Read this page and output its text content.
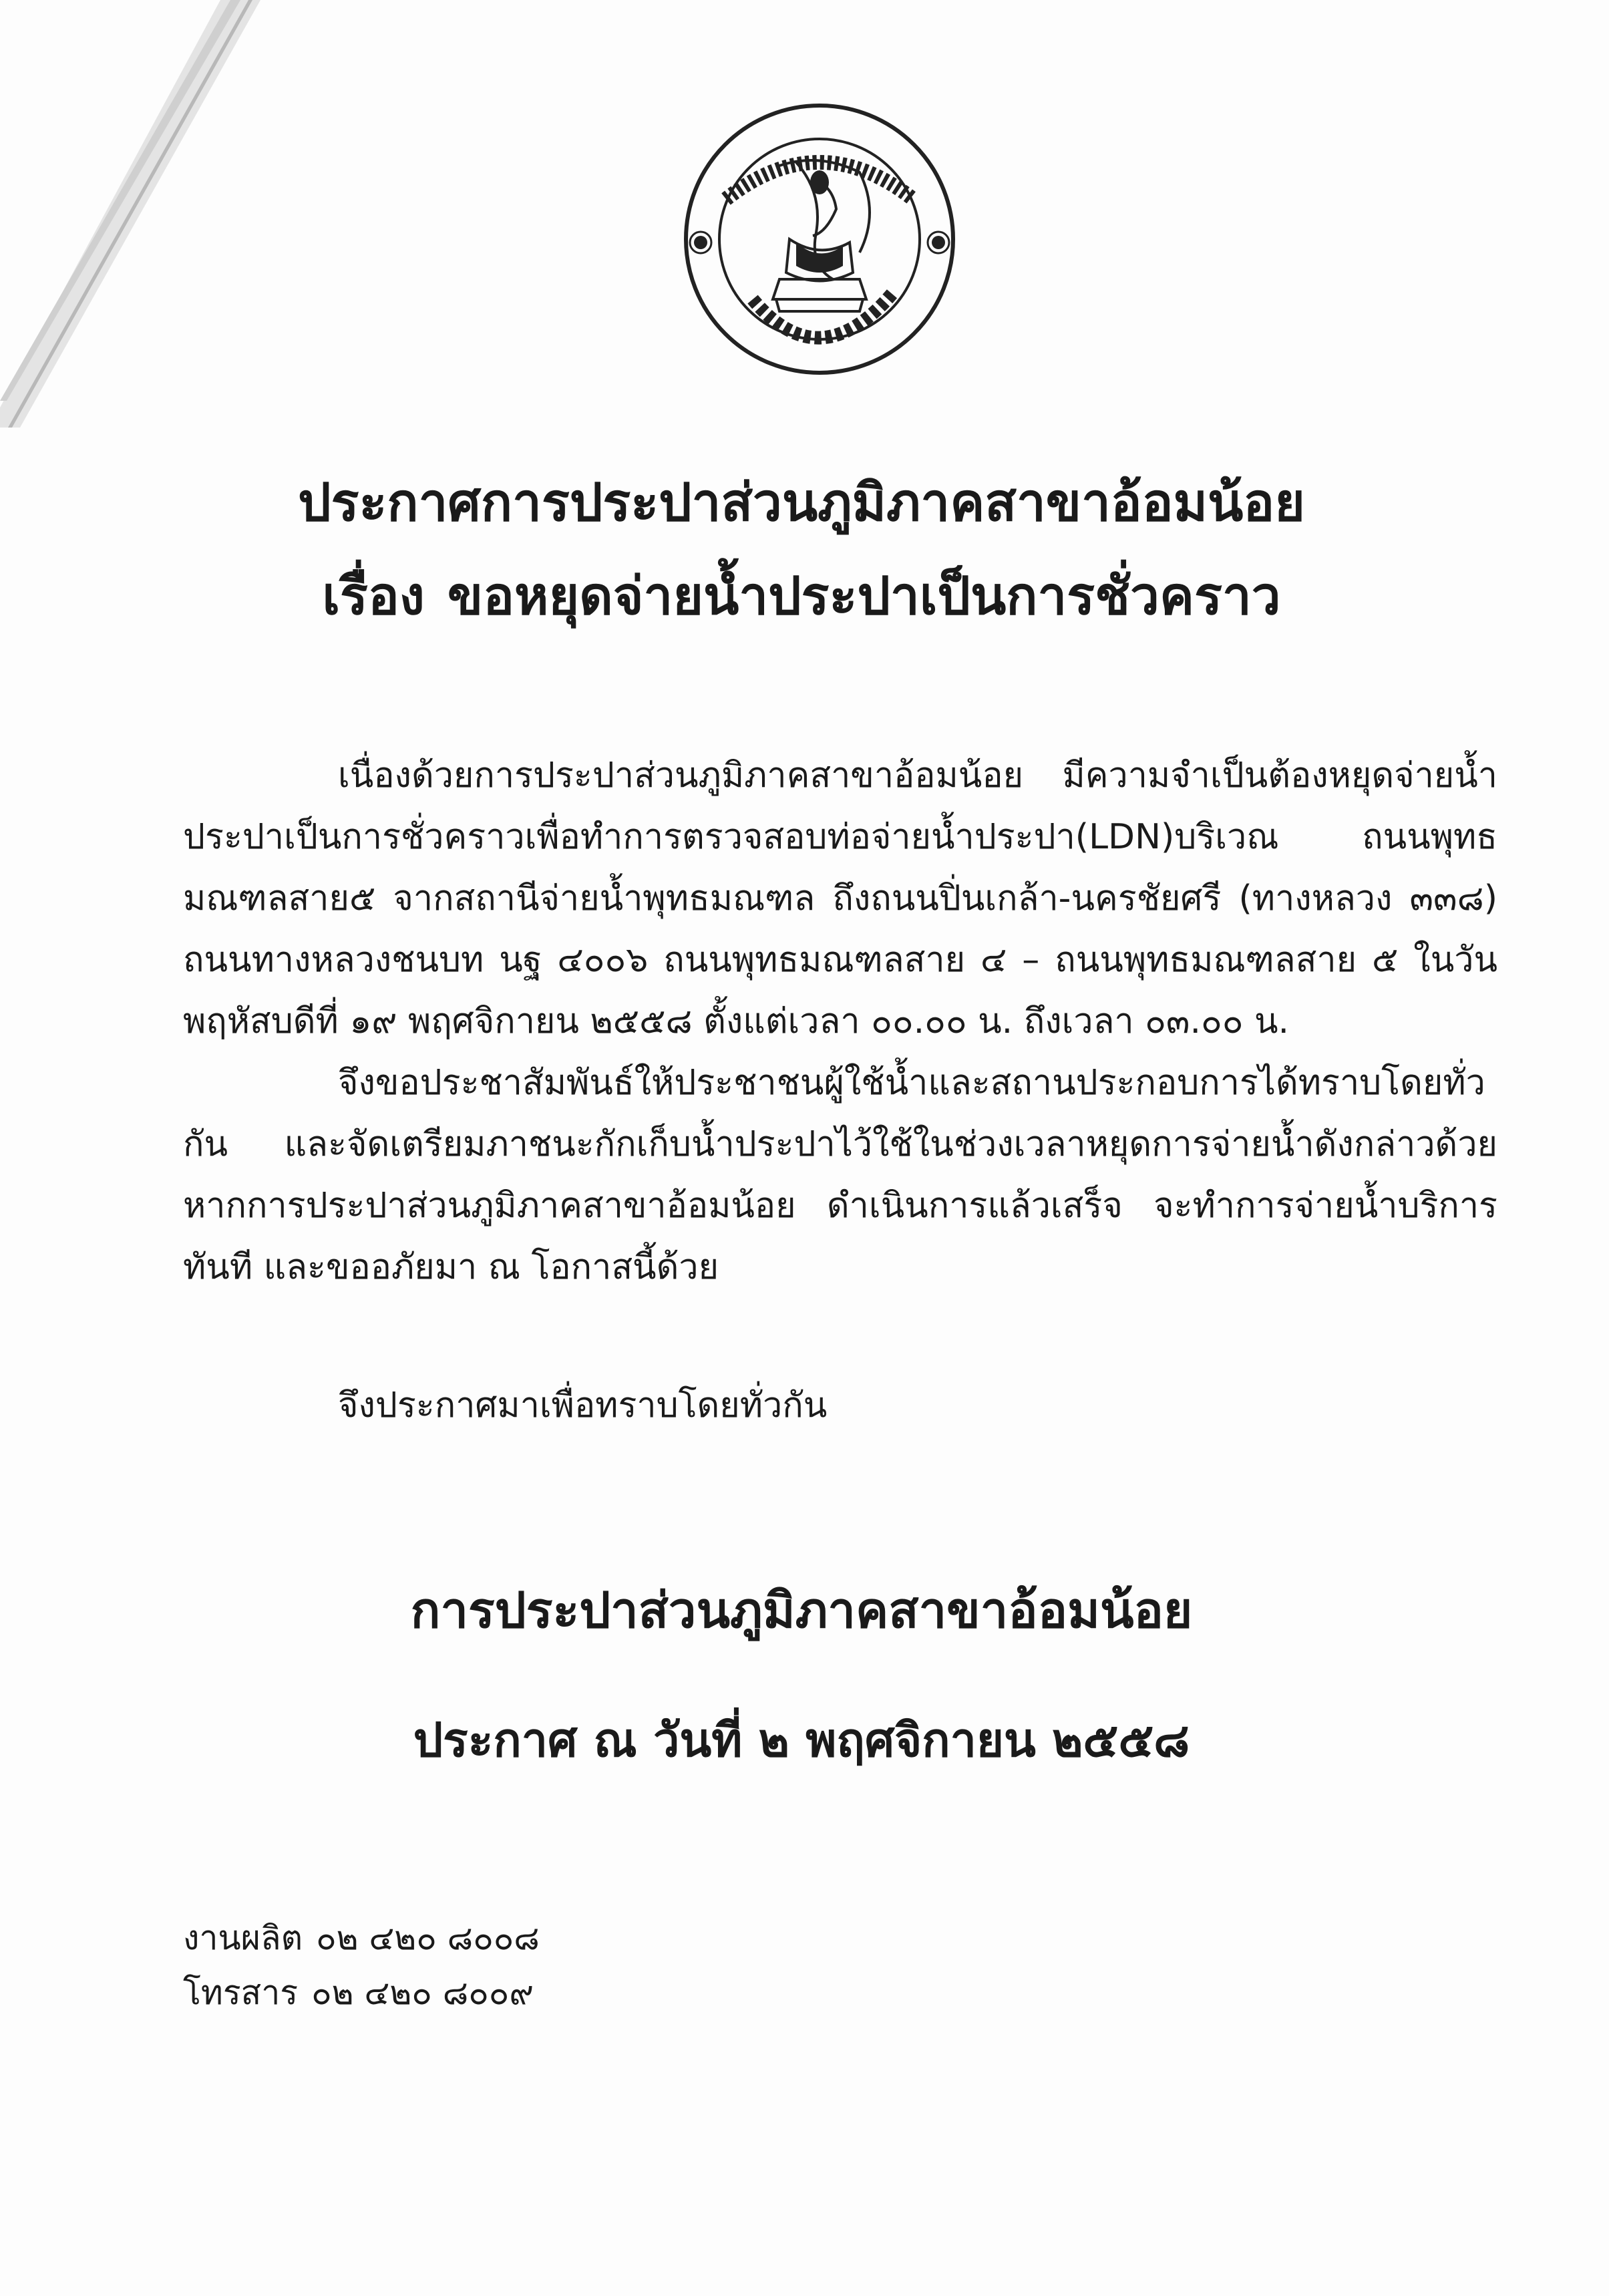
ประกาศการประปาส่วนภูมิภาคสาขาอ้อมน้อย
เรื่อง ขอหยุดจ่ายน้ำประปาเป็นการชั่วคราว
เนื่องด้วยการประปาส่วนภูมิภาคสาขาอ้อมน้อย มีความจำเป็นต้องหยุดจ่ายน้ำประปาเป็นการชั่วคราวเพื่อทำการตรวจสอบท่อจ่ายน้ำประปา(LDN)บริเวณ ถนนพุทธมณฑลสาย๕ จากสถานีจ่ายน้ำพุทธมณฑล ถึงถนนปิ่นเกล้า-นครชัยศรี (ทางหลวง ๓๓๘) ถนนทางหลวงชนบท นฐ ๔๐๐๖ ถนนพุทธมณฑลสาย ๔ – ถนนพุทธมณฑลสาย ๕ ในวันพฤหัสบดีที่ ๑๙ พฤศจิกายน ๒๕๕๘ ตั้งแต่เวลา ๐๐.๐๐ น. ถึงเวลา ๐๓.๐๐ น.
จึงขอประชาสัมพันธ์ให้ประชาชนผู้ใช้น้ำและสถานประกอบการได้ทราบโดยทั่วกัน และจัดเตรียมภาชนะกักเก็บน้ำประปาไว้ใช้ในช่วงเวลาหยุดการจ่ายน้ำดังกล่าวด้วย หากการประปาส่วนภูมิภาคสาขาอ้อมน้อย ดำเนินการแล้วเสร็จ จะทำการจ่ายน้ำบริการทันที และขออภัยมา ณ โอกาสนี้ด้วย
จึงประกาศมาเพื่อทราบโดยทั่วกัน
การประปาส่วนภูมิภาคสาขาอ้อมน้อย
ประกาศ ณ วันที่ ๒ พฤศจิกายน ๒๕๕๘
งานผลิต ๐๒ ๔๒๐ ๘๐๐๘
โทรสาร ๐๒ ๔๒๐ ๘๐๐๙
